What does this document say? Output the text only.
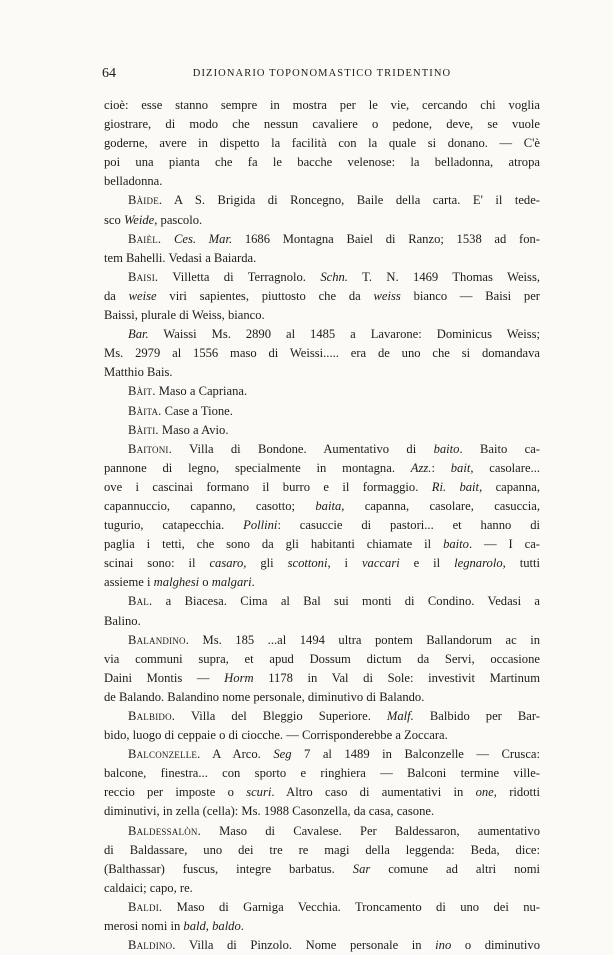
64	DIZIONARIO TOPONOMASTICO TRIDENTINO

cioè: esse stanno sempre in mostra per le vie, cercando chi voglia

giostrare, di modo che nessun cavaliere o pedone, deve, se vuole

goderne, avere in dispetto la facilità con la quale si donano. — C'è

poi una pianta che fa le bacche velenose: la belladonna, atropa

belladonna.

Bàide. A S. Brigida di Roncegno, Baile della carta. E' il tede-

sco Weide, pascolo.

Baièl. Ces. Mar. 1686 Montagna Baiel di Ranzo; 1538 ad fon-

tem Bahelli. Vedasi a Baiarda.

Baisi. Villetta di Terragnolo. Schn. T. N. 1469 Thomas Weiss,

da weise viri sapientes, piuttosto che da weiss bianco — Baisi per

Baissi, plurale di Weiss, bianco.

Bar. Waissi Ms. 2890 al 1485 a Lavarone: Dominicus Weiss;

Ms. 2979 al 1556 maso di Weissi..... era de uno che si domandava

Matthio Bais.

Bàit. Maso a Capriana.

Bàita. Case a Tione.

Bàiti. Maso a Avio.

Baitoni. Villa di Bondone. Aumentativo di baito. Baito ca-

pannone di legno, specialmente in montagna. Azz.: bait, casolare...

ove i cascinai formano il burro e il formaggio. Ri. bait, capanna,

capannuccio, capanno, casotto; baita, capanna, casolare, casuccia,

tugurio, catapecchia. Pollini: casuccie di pastori... et hanno di

paglia i tetti, che sono da gli habitanti chiamate il baito. — I ca-

scinai sono: il casaro, gli scottoni, i vaccari e il legnarolo, tutti

assieme i malghesi o malgari.

Bal. a Biacesa. Cima al Bal sui monti di Condino. Vedasi a

Balino.

Balandino. Ms. 185 ...al 1494 ultra pontem Ballandorum ac in

via communi supra, et apud Dossum dictum da Servi, occasione

Daini Montis — Horm 1178 in Val di Sole: investivit Martinum

de Balando. Balandino nome personale, diminutivo di Balando.

Balbido. Villa del Bleggio Superiore. Malf. Balbido per Bar-

bido, luogo di ceppaie o di ciocche. — Corrisponderebbe a Zoccara.

Balconzelle. A Arco. Seg 7 al 1489 in Balconzelle — Crusca:

balcone, finestra... con sporto e ringhiera — Balconi termine ville-

reccio per imposte o scuri. Altro caso di aumentativi in one, ridotti

diminutivi, in zella (cella): Ms. 1988 Casonzella, da casa, casone.

Baldessalòn. Maso di Cavalese. Per Baldessaron, aumentativo

di Baldassare, uno dei tre re magi della leggenda: Beda, dice:

(Balthassar) fuscus, integre barbatus. Sar comune ad altri nomi

caldaici; capo, re.

Baldi. Maso di Garniga Vecchia. Troncamento di uno dei nu-

merosi nomi in bald, baldo.

Baldino. Villa di Pinzolo. Nome personale in ino o diminutivo
